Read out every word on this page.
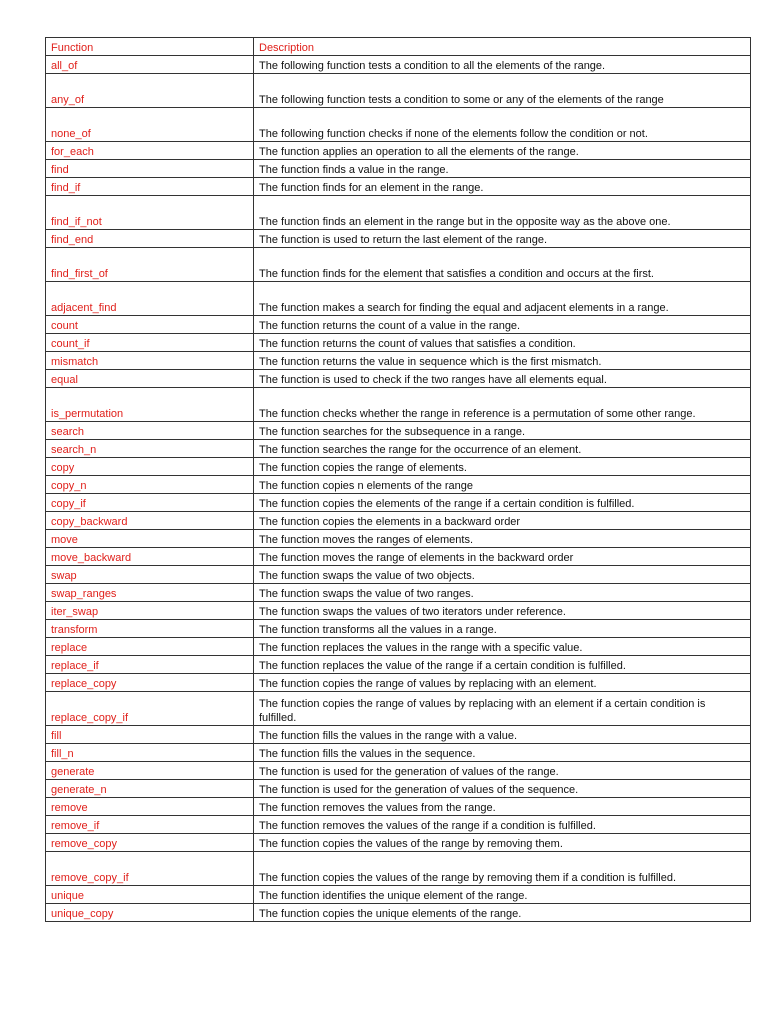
Function	Description
all_of	The following function tests a condition to all the elements of the range.
any_of	The following function tests a condition to some or any of the elements of the range
none_of	The following function checks if none of the elements follow the condition or not.
for_each	The function applies an operation to all the elements of the range.
find	The function finds a value in the range.
find_if	The function finds for an element in the range.
find_if_not	The function finds an element in the range but in the opposite way as the above one.
find_end	The function is used to return the last element of the range.
find_first_of	The function finds for the element that satisfies a condition and occurs at the first.
adjacent_find	The function makes a search for finding the equal and adjacent elements in a range.
count	The function returns the count of a value in the range.
count_if	The function returns the count of values that satisfies a condition.
mismatch	The function returns the value in sequence which is the first mismatch.
equal	The function is used to check if the two ranges have all elements equal.
is_permutation	The function checks whether the range in reference is a permutation of some other range.
search	The function searches for the subsequence in a range.
search_n	The function searches the range for the occurrence of an element.
copy	The function copies the range of elements.
copy_n	The function copies n elements of the range
copy_if	The function copies the elements of the range if a certain condition is fulfilled.
copy_backward	The function copies the elements in a backward order
move	The function moves the ranges of elements.
move_backward	The function moves the range of elements in the backward order
swap	The function swaps the value of two objects.
swap_ranges	The function swaps the value of two ranges.
iter_swap	The function swaps the values of two iterators under reference.
transform	The function transforms all the values in a range.
replace	The function replaces the values in the range with a specific value.
replace_if	The function replaces the value of the range if a certain condition is fulfilled.
replace_copy	The function copies the range of values by replacing with an element.
replace_copy_if	The function copies the range of values by replacing with an element if a certain condition is fulfilled.
fill	The function fills the values in the range with a value.
fill_n	The function fills the values in the sequence.
generate	The function is used for the generation of values of the range.
generate_n	The function is used for the generation of values of the sequence.
remove	The function removes the values from the range.
remove_if	The function removes the values of the range if a condition is fulfilled.
remove_copy	The function copies the values of the range by removing them.
remove_copy_if	The function copies the values of the range by removing them if a condition is fulfilled.
unique	The function identifies the unique element of the range.
unique_copy	The function copies the unique elements of the range.
